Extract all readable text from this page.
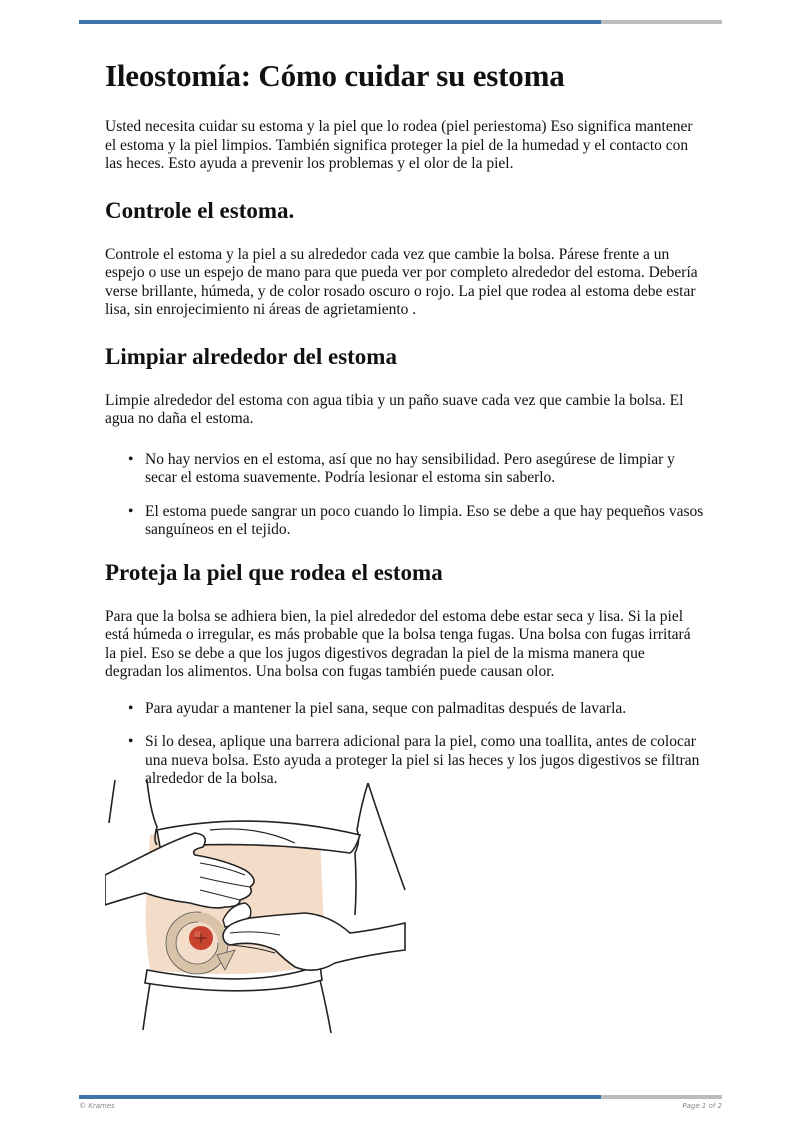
Ileostomía: Cómo cuidar su estoma

Usted necesita cuidar su estoma y la piel que lo rodea (piel periestoma) Eso significa mantener el estoma y la piel limpios. También significa proteger la piel de la humedad y el contacto con las heces. Esto ayuda a prevenir los problemas y el olor de la piel.

Controle el estoma.

Controle el estoma y la piel a su alrededor cada vez que cambie la bolsa. Párese frente a un espejo o use un espejo de mano para que pueda ver por completo alrededor del estoma. Debería verse brillante, húmeda, y de color rosado oscuro o rojo. La piel que rodea al estoma debe estar lisa, sin enrojecimiento ni áreas de agrietamiento .

Limpiar alrededor del estoma

Limpie alrededor del estoma con agua tibia y un paño suave cada vez que cambie la bolsa. El agua no daña el estoma.

• No hay nervios en el estoma, así que no hay sensibilidad. Pero asegúrese de limpiar y secar el estoma suavemente. Podría lesionar el estoma sin saberlo.
• El estoma puede sangrar un poco cuando lo limpia. Eso se debe a que hay pequeños vasos sanguíneos en el tejido.
Proteja la piel que rodea el estoma

Para que la bolsa se adhiera bien, la piel alrededor del estoma debe estar seca y lisa. Si la piel está húmeda o irregular, es más probable que la bolsa tenga fugas. Una bolsa con fugas irritará la piel. Eso se debe a que los jugos digestivos degradan la piel de la misma manera que degradan los alimentos. Una bolsa con fugas también puede causan olor.

• Para ayudar a mantener la piel sana, seque con palmaditas después de lavarla.
• Si lo desea, aplique una barrera adicional para la piel, como una toallita, antes de colocar una nueva bolsa. Esto ayuda a proteger la piel si las heces y los jugos digestivos se filtran alrededor de la bolsa.
© Krames	Page 1 of 2
